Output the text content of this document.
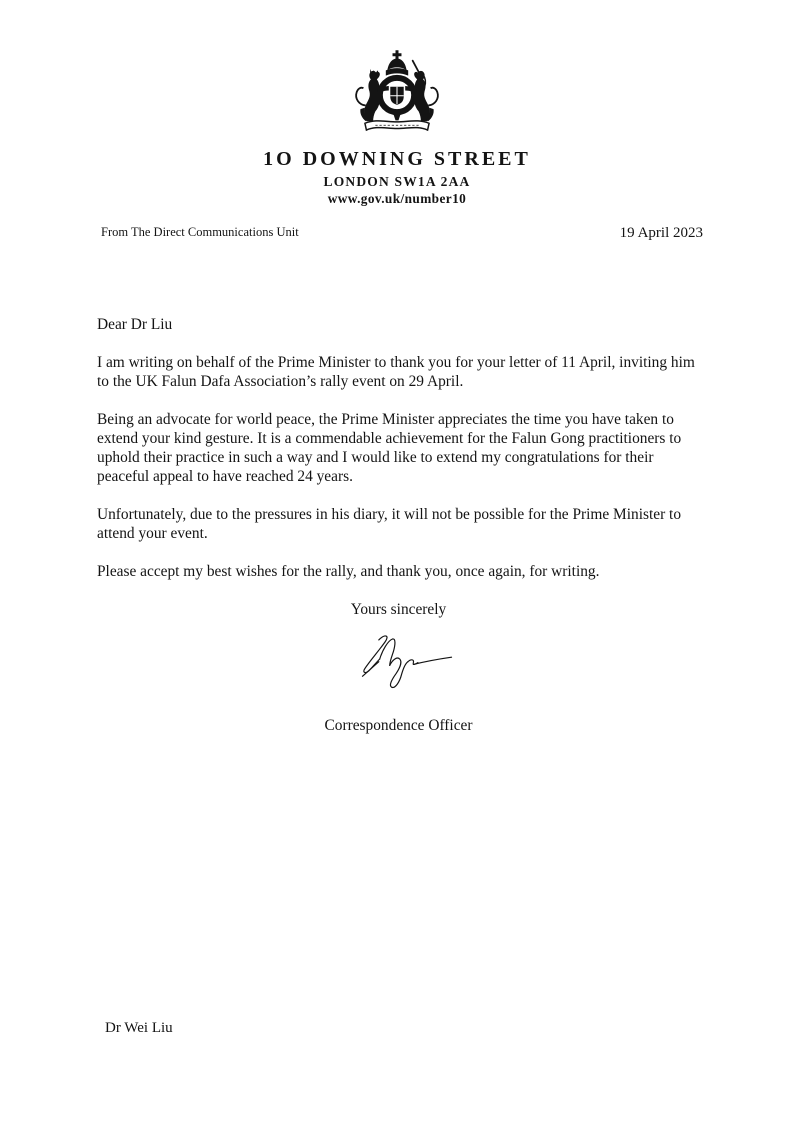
1O DOWNING STREET
LONDON SW1A 2AA
www.gov.uk/number10
From The Direct Communications Unit	19 April 2023

Dear Dr Liu

I am writing on behalf of the Prime Minister to thank you for your letter of 11 April, inviting him to the UK Falun Dafa Association’s rally event on 29 April.

Being an advocate for world peace, the Prime Minister appreciates the time you have taken to extend your kind gesture. It is a commendable achievement for the Falun Gong practitioners to uphold their practice in such a way and I would like to extend my congratulations for their peaceful appeal to have reached 24 years.

Unfortunately, due to the pressures in his diary, it will not be possible for the Prime Minister to attend your event.

Please accept my best wishes for the rally, and thank you, once again, for writing.

Yours sincerely

Correspondence Officer

Dr Wei Liu
